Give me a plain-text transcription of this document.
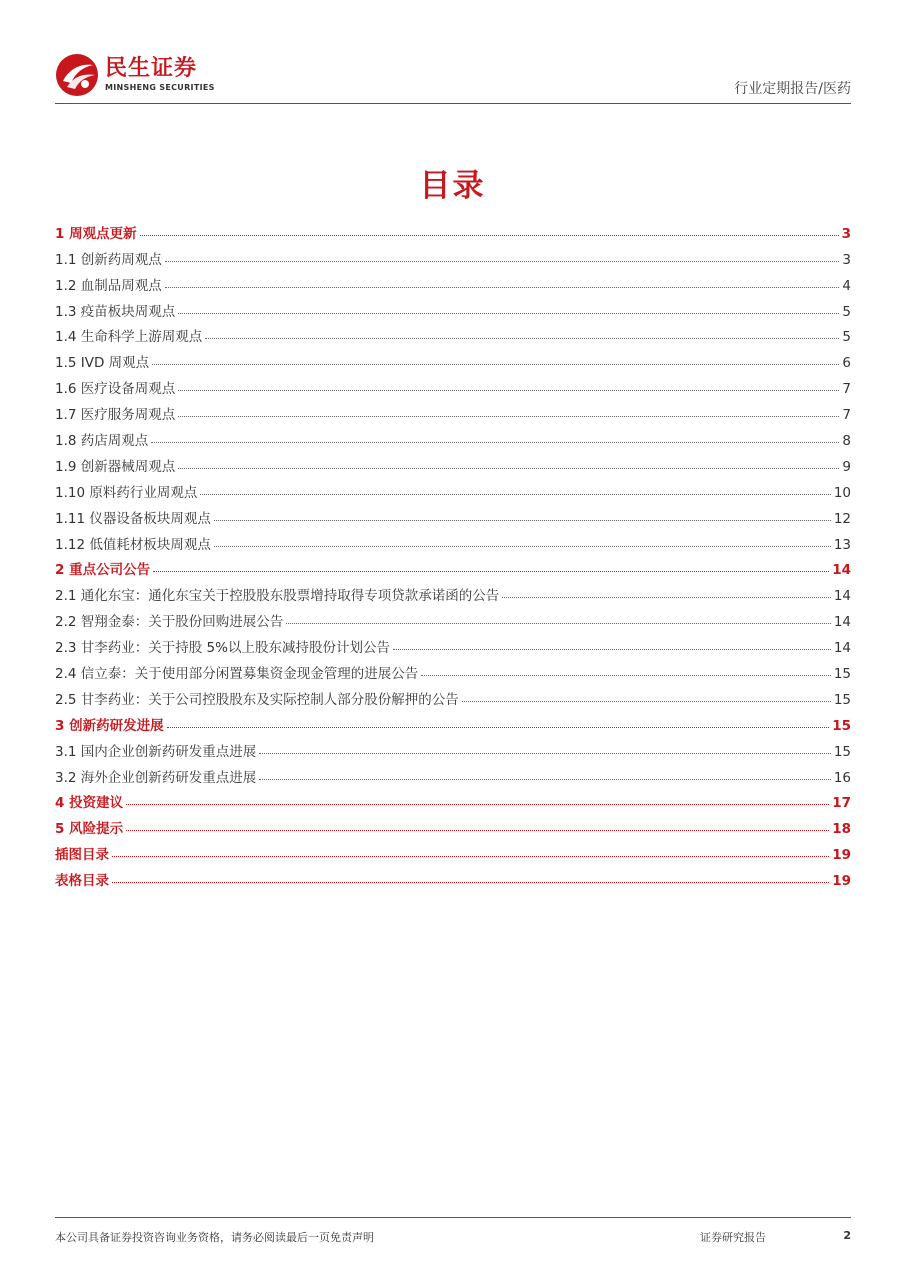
民生证券
MINSHENG SECURITIES	行业定期报告/医药
目录
1 周观点更新	3
1.1 创新药周观点	3
1.2 血制品周观点	4
1.3 疫苗板块周观点	5
1.4 生命科学上游周观点	5
1.5 IVD 周观点	6
1.6 医疗设备周观点	7
1.7 医疗服务周观点	7
1.8 药店周观点	8
1.9 创新器械周观点	9
1.10 原料药行业周观点	10
1.11 仪器设备板块周观点	12
1.12 低值耗材板块周观点	13
2 重点公司公告	14
2.1 通化东宝：通化东宝关于控股股东股票增持取得专项贷款承诺函的公告	14
2.2 智翔金泰：关于股份回购进展公告	14
2.3 甘李药业：关于持股 5%以上股东减持股份计划公告	14
2.4 信立泰：关于使用部分闲置募集资金现金管理的进展公告	15
2.5 甘李药业：关于公司控股股东及实际控制人部分股份解押的公告	15
3 创新药研发进展	15
3.1 国内企业创新药研发重点进展	15
3.2 海外企业创新药研发重点进展	16
4 投资建议	17
5 风险提示	18
插图目录	19
表格目录	19
本公司具备证券投资咨询业务资格，请务必阅读最后一页免责声明	证券研究报告	2
